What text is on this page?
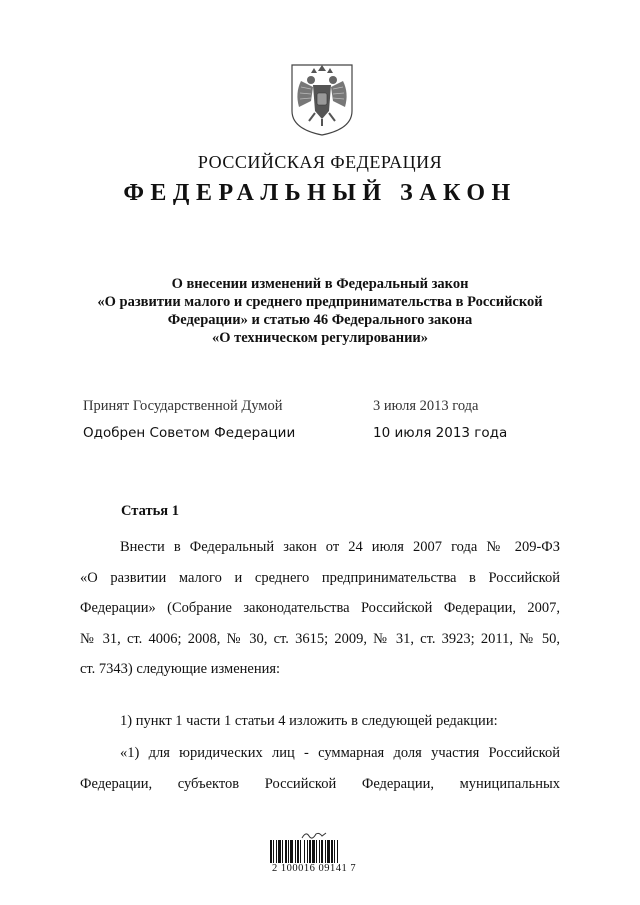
РОССИЙСКАЯ ФЕДЕРАЦИЯ
ФЕДЕРАЛЬНЫЙ ЗАКОН
О внесении изменений в Федеральный закон
«О развитии малого и среднего предпринимательства в Российской
Федерации» и статью 46 Федерального закона
«О техническом регулировании»
Принят Государственной Думой	3 июля 2013 года
Одобрен Советом Федерации	10 июля 2013 года
Статья 1
Внести в Федеральный закон от 24 июля 2007 года № 209-ФЗ
«О развитии малого и среднего предпринимательства в Российской
Федерации» (Собрание законодательства Российской Федерации, 2007,
№ 31, ст. 4006; 2008, № 30, ст. 3615; 2009, № 31, ст. 3923; 2011, № 50,
ст. 7343) следующие изменения:
1) пункт 1 части 1 статьи 4 изложить в следующей редакции:
«1) для юридических лиц - суммарная доля участия Российской
Федерации, субъектов Российской Федерации, муниципальных
2 100016 09141 7
